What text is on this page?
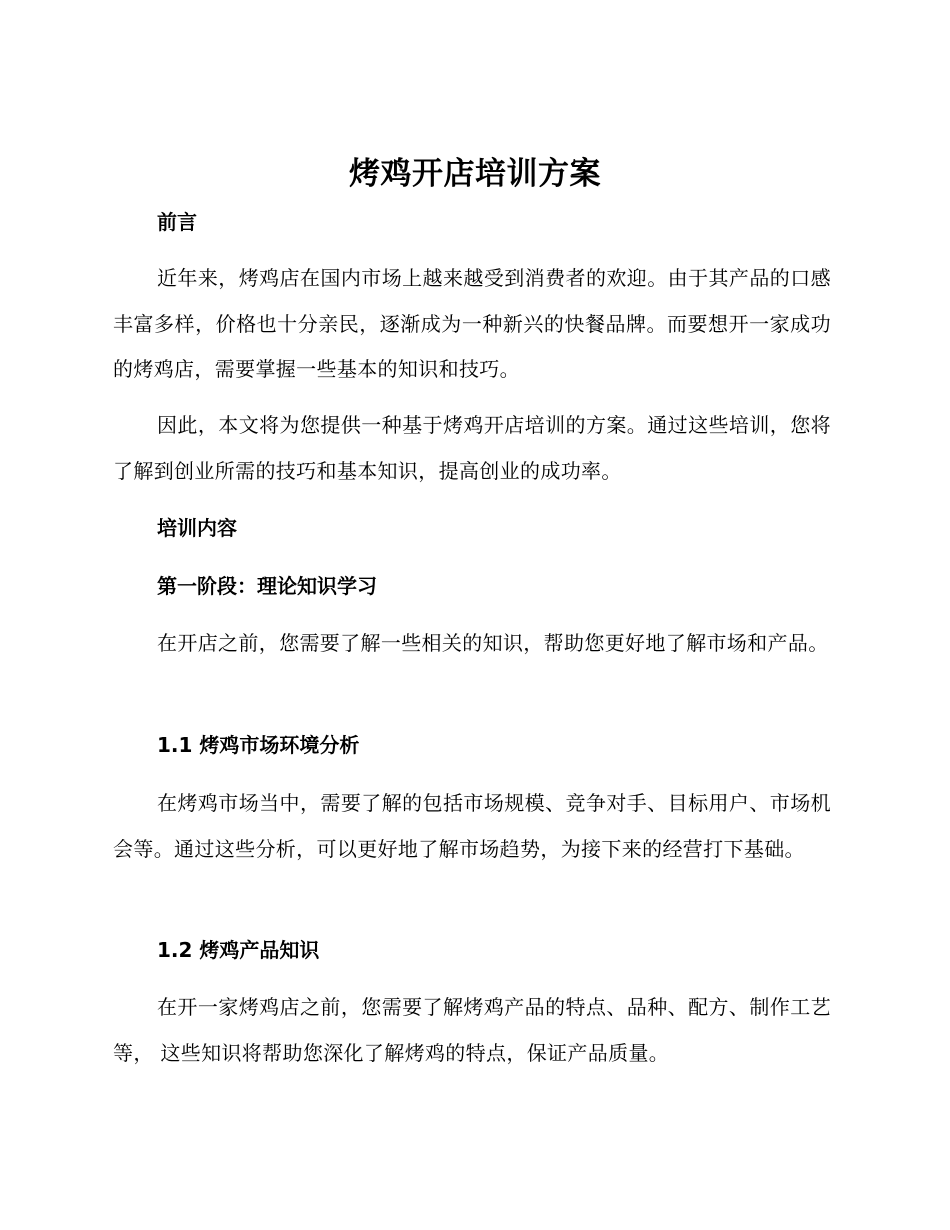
烤鸡开店培训方案
前言

近年来，烤鸡店在国内市场上越来越受到消费者的欢迎。由于其产品的口感丰富多样，价格也十分亲民，逐渐成为一种新兴的快餐品牌。而要想开一家成功的烤鸡店，需要掌握一些基本的知识和技巧。

因此，本文将为您提供一种基于烤鸡开店培训的方案。通过这些培训，您将了解到创业所需的技巧和基本知识，提高创业的成功率。

培训内容
第一阶段：理论知识学习

在开店之前，您需要了解一些相关的知识，帮助您更好地了解市场和产品。

1.1 烤鸡市场环境分析

在烤鸡市场当中，需要了解的包括市场规模、竞争对手、目标用户、市场机会等。通过这些分析，可以更好地了解市场趋势，为接下来的经营打下基础。

1.2 烤鸡产品知识

在开一家烤鸡店之前，您需要了解烤鸡产品的特点、品种、配方、制作工艺等， 这些知识将帮助您深化了解烤鸡的特点，保证产品质量。
